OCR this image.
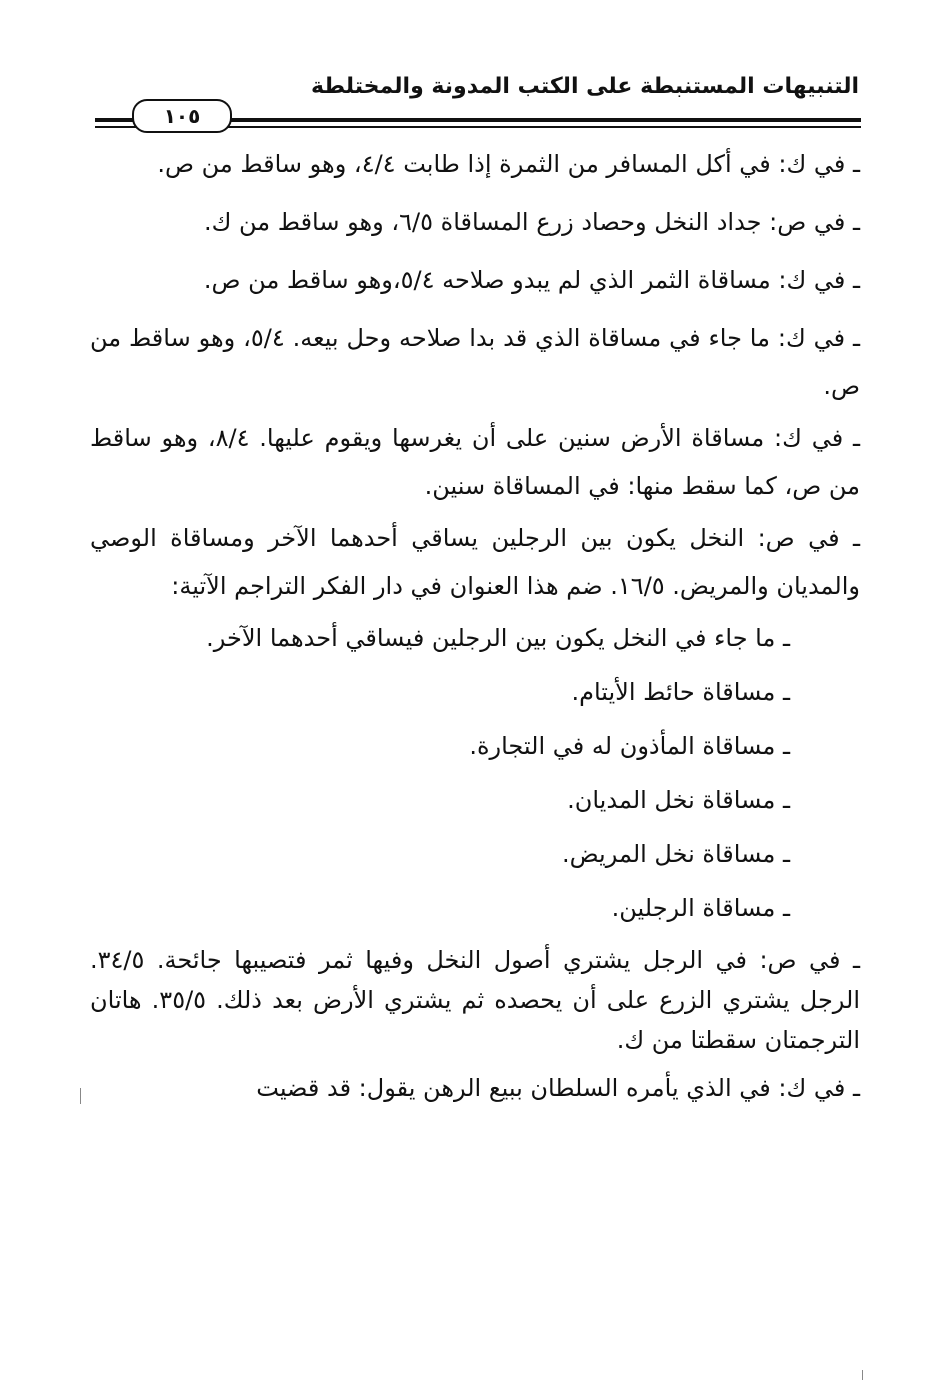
التنبيهات المستنبطة على الكتب المدونة والمختلطة
١٠٥

ـ في ك: في أكل المسافر من الثمرة إذا طابت ٤/٤، وهو ساقط من ص.

ـ في ص: جداد النخل وحصاد زرع المساقاة ٦/٥، وهو ساقط من ك.

ـ في ك: مساقاة الثمر الذي لم يبدو صلاحه ٥/٤،وهو ساقط من ص.

ـ في ك: ما جاء في مساقاة الذي قد بدا صلاحه وحل بيعه. ٥/٤، وهو ساقط من ص.

ـ في ك: مساقاة الأرض سنين على أن يغرسها ويقوم عليها. ٨/٤، وهو ساقط من ص، كما سقط منها: في المساقاة سنين.

ـ في ص: النخل يكون بين الرجلين يساقي أحدهما الآخر ومساقاة الوصي والمديان والمريض. ١٦/٥. ضم هذا العنوان في دار الفكر التراجم الآتية:

ـ ما جاء في النخل يكون بين الرجلين فيساقي أحدهما الآخر.

ـ مساقاة حائط الأيتام.

ـ مساقاة المأذون له في التجارة.

ـ مساقاة نخل المديان.

ـ مساقاة نخل المريض.

ـ مساقاة الرجلين.

ـ في ص: في الرجل يشتري أصول النخل وفيها ثمر فتصيبها جائحة. ٣٤/٥. الرجل يشتري الزرع على أن يحصده ثم يشتري الأرض بعد ذلك. ٣٥/٥. هاتان الترجمتان سقطتا من ك.

ـ في ك: في الذي يأمره السلطان ببيع الرهن يقول: قد قضيت
